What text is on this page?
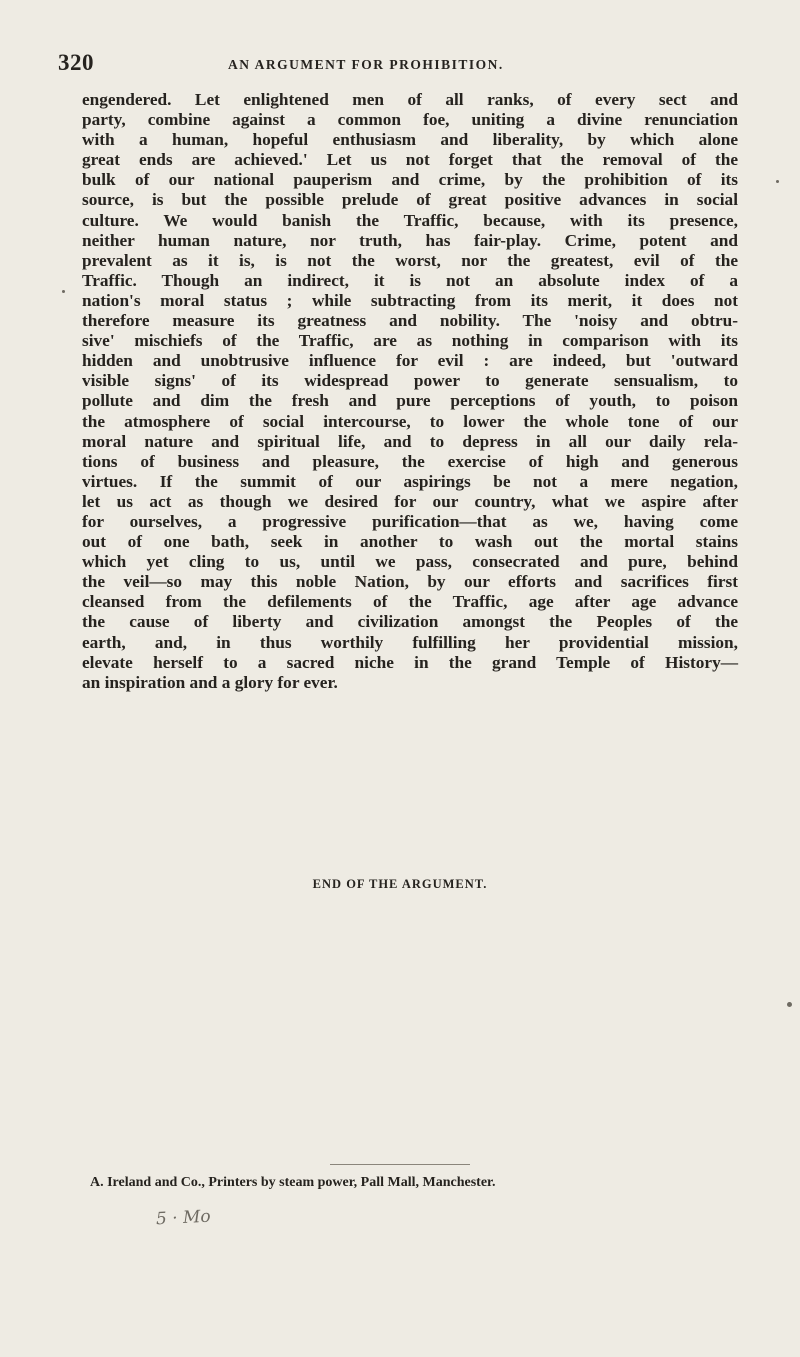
320	AN ARGUMENT FOR PROHIBITION.
engendered. Let enlightened men of all ranks, of every sect and
party, combine against a common foe, uniting a divine renunciation
with a human, hopeful enthusiasm and liberality, by which alone
great ends are achieved.' Let us not forget that the removal of the
bulk of our national pauperism and crime, by the prohibition of its
source, is but the possible prelude of great positive advances in social
culture. We would banish the Traffic, because, with its presence,
neither human nature, nor truth, has fair-play. Crime, potent and
prevalent as it is, is not the worst, nor the greatest, evil of the
Traffic. Though an indirect, it is not an absolute index of a
nation's moral status ; while subtracting from its merit, it does not
therefore measure its greatness and nobility. The 'noisy and obtru-
sive' mischiefs of the Traffic, are as nothing in comparison with its
hidden and unobtrusive influence for evil : are indeed, but 'outward
visible signs' of its widespread power to generate sensualism, to
pollute and dim the fresh and pure perceptions of youth, to poison
the atmosphere of social intercourse, to lower the whole tone of our
moral nature and spiritual life, and to depress in all our daily rela-
tions of business and pleasure, the exercise of high and generous
virtues. If the summit of our aspirings be not a mere negation,
let us act as though we desired for our country, what we aspire after
for ourselves, a progressive purification—that as we, having come
out of one bath, seek in another to wash out the mortal stains
which yet cling to us, until we pass, consecrated and pure, behind
the veil—so may this noble Nation, by our efforts and sacrifices first
cleansed from the defilements of the Traffic, age after age advance
the cause of liberty and civilization amongst the Peoples of the
earth, and, in thus worthily fulfilling her providential mission,
elevate herself to a sacred niche in the grand Temple of History—
an inspiration and a glory for ever.
END OF THE ARGUMENT.
A. Ireland and Co., Printers by steam power, Pall Mall, Manchester.
5 · Mo
